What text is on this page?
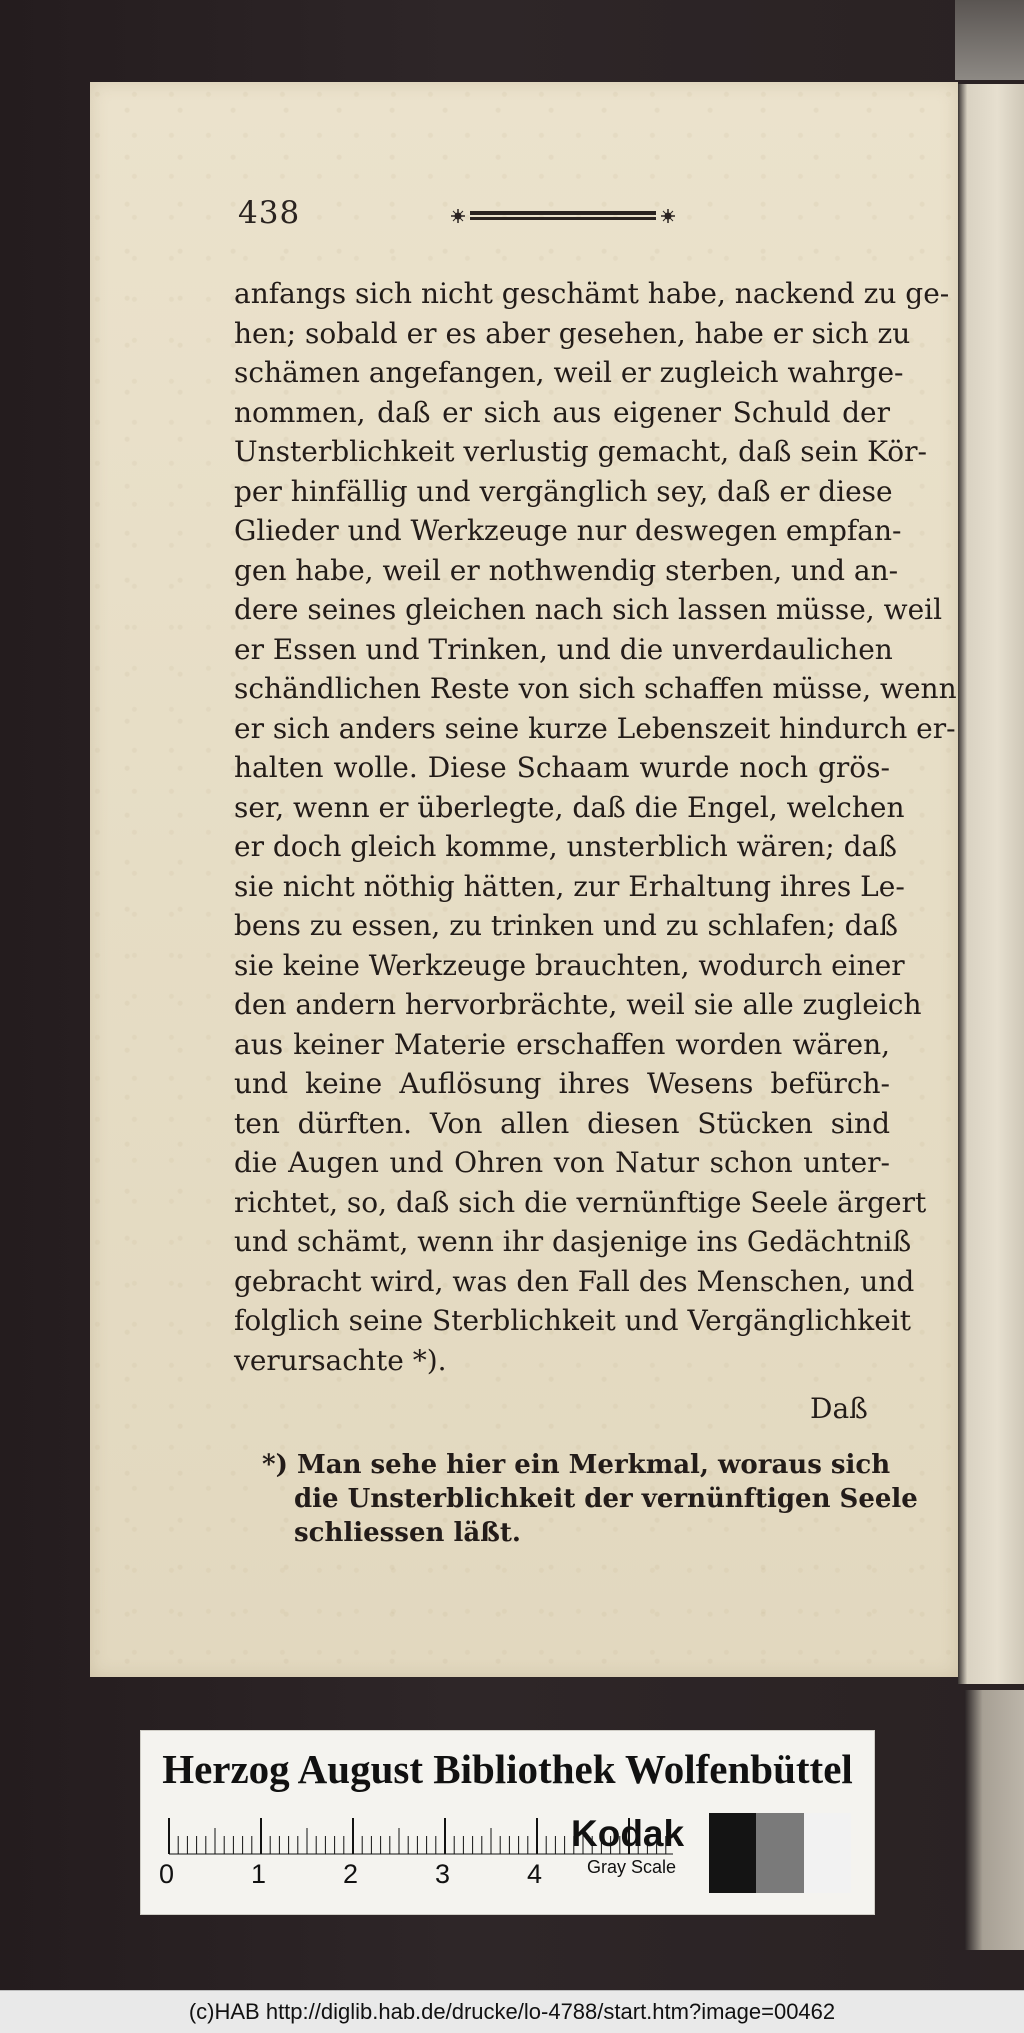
438
anfangs sich nicht geschämt habe, nackend zu ge-
hen; sobald er es aber gesehen, habe er sich zu
schämen angefangen, weil er zugleich wahrge-
nommen, daß er sich aus eigener Schuld der
Unsterblichkeit verlustig gemacht, daß sein Kör-
per hinfällig und vergänglich sey, daß er diese
Glieder und Werkzeuge nur deswegen empfan-
gen habe, weil er nothwendig sterben, und an-
dere seines gleichen nach sich lassen müsse, weil
er Essen und Trinken, und die unverdaulichen
schändlichen Reste von sich schaffen müsse, wenn
er sich anders seine kurze Lebenszeit hindurch er-
halten wolle. Diese Schaam wurde noch grös-
ser, wenn er überlegte, daß die Engel, welchen
er doch gleich komme, unsterblich wären; daß
sie nicht nöthig hätten, zur Erhaltung ihres Le-
bens zu essen, zu trinken und zu schlafen; daß
sie keine Werkzeuge brauchten, wodurch einer
den andern hervorbrächte, weil sie alle zugleich
aus keiner Materie erschaffen worden wären,
und keine Auflösung ihres Wesens befürch-
ten dürften. Von allen diesen Stücken sind
die Augen und Ohren von Natur schon unter-
richtet, so, daß sich die vernünftige Seele ärgert
und schämt, wenn ihr dasjenige ins Gedächtniß
gebracht wird, was den Fall des Menschen, und
folglich seine Sterblichkeit und Vergänglichkeit
verursachte *).
Daß
*) Man sehe hier ein Merkmal, woraus sich
die Unsterblichkeit der vernünftigen Seele
schliessen läßt.
Herzog August Bibliothek Wolfenbüttel
0	1	2	3	4
Kodak
Gray Scale
(c)HAB http://diglib.hab.de/drucke/lo-4788/start.htm?image=00462
